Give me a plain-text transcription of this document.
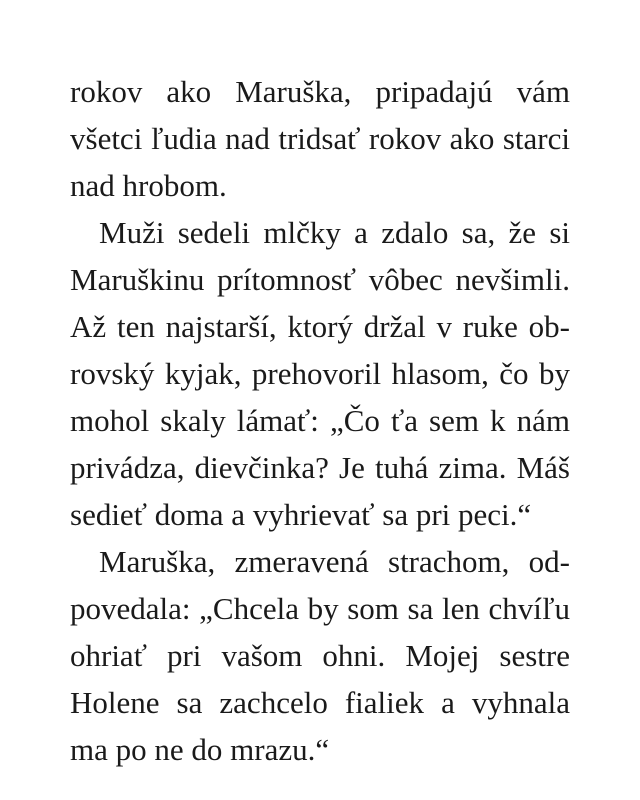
rokov ako Maruška, pripadajú vám
všetci ľudia nad tridsať rokov ako starci
nad hrobom.
Muži sedeli mlčky a zdalo sa, že si
Maruškinu prítomnosť vôbec nevšimli.
Až ten najstarší, ktorý držal v ruke ob-
rovský kyjak, prehovoril hlasom, čo by
mohol skaly lámať: „Čo ťa sem k nám
privádza, dievčinka? Je tuhá zima. Máš
sedieť doma a vyhrievať sa pri peci.“
Maruška, zmeravená strachom, od-
povedala: „Chcela by som sa len chvíľu
ohriať pri vašom ohni. Mojej sestre
Holene sa zachcelo fialiek a vyhnala
ma po ne do mrazu.“
